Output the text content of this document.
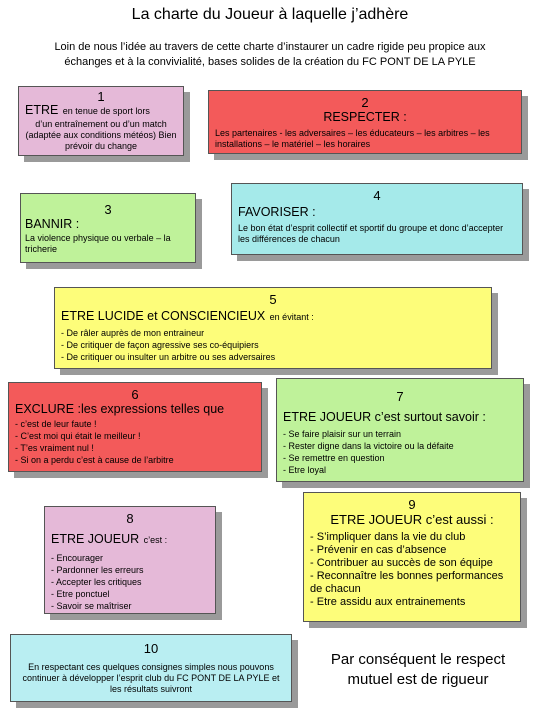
La charte du Joueur à laquelle j’adhère
Loin de nous l’idée au travers de cette charte d’instaurer un cadre rigide peu propice aux échanges et à la convivialité, bases solides de la création du FC PONT DE LA PYLE
1
ETRE en tenue de sport lors
d’un entraînement ou d’un match (adaptée aux conditions météos) Bien prévoir du change
2
RESPECTER :
Les partenaires - les adversaires – les éducateurs – les arbitres – les installations – le matériel – les horaires
3
BANNIR :
La violence physique ou verbale – la tricherie
4
FAVORISER :
Le bon état d’esprit collectif et sportif du groupe et donc d’accepter les différences de chacun
5
ETRE LUCIDE et CONSCIENCIEUX en évitant :
- De râler auprès de mon entraineur
- De critiquer de façon agressive ses co-équipiers
- De critiquer ou insulter un arbitre ou ses adversaires
6
EXCLURE :les expressions telles que
- c’est de leur faute !
- C’est moi qui était le meilleur !
- T’es vraiment nul !
- Si on a perdu c’est à cause de l’arbitre
7
ETRE JOUEUR c’est surtout savoir :
- Se faire plaisir sur un terrain
- Rester digne dans la victoire ou la défaite
- Se remettre en question
- Etre loyal
8
ETRE JOUEUR c’est :
- Encourager
- Pardonner les erreurs
- Accepter les critiques
- Etre ponctuel
- Savoir se maîtriser
9
ETRE JOUEUR c’est aussi :
- S’impliquer dans la vie du club
- Prévenir en cas d’absence
- Contribuer au succès de son équipe
- Reconnaître les bonnes performances de chacun
- Etre assidu aux entrainements
10
En respectant ces quelques consignes simples nous pouvons continuer à développer l’esprit club du FC PONT DE LA PYLE et les résultats suivront
Par conséquent le respect mutuel est de rigueur
